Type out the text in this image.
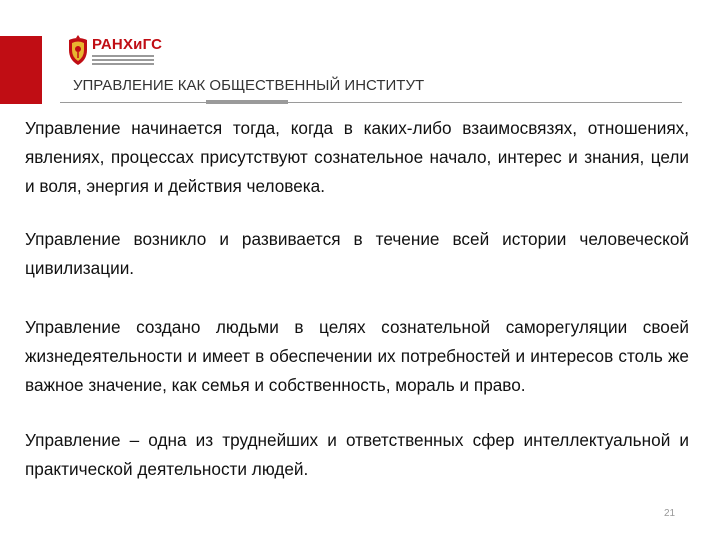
РАНХиГС
УПРАВЛЕНИЕ КАК ОБЩЕСТВЕННЫЙ ИНСТИТУТ

Управление начинается тогда, когда в каких-либо взаимосвязях, отношениях, явлениях, процессах присутствуют сознательное начало, интерес и знания, цели и воля, энергия и действия человека.

Управление возникло и развивается в течение всей истории человеческой цивилизации.

Управление создано людьми в целях сознательной саморегуляции своей жизнедеятельности и имеет в обеспечении их потребностей и интересов столь же важное значение, как семья и собственность, мораль и право.

Управление – одна из труднейших и ответственных сфер интеллектуальной и практической деятельности людей.

21
